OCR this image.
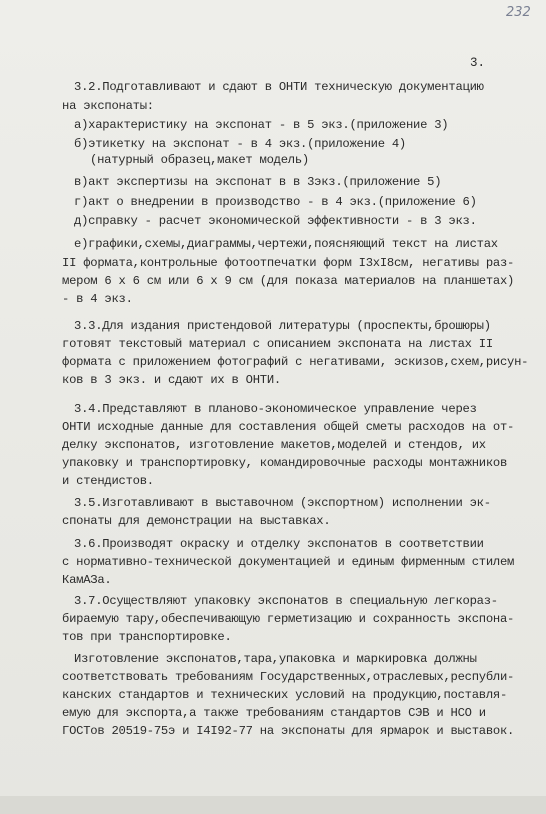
232
3.
3.2.Подготавливают и сдают в ОНТИ техническую документацию
на экспонаты:
а)характеристику на экспонат - в 5 экз.(приложение 3)
б)этикетку на экспонат - в 4 экз.(приложение 4)
(натурный образец,макет модель)
в)акт экспертизы на экспонат в в 3экз.(приложение 5)
г)акт о внедрении в производство - в 4 экз.(приложение 6)
д)справку - расчет экономической эффективности - в 3 экз.
е)графики,схемы,диаграммы,чертежи,поясняющий текст на листах
II формата,контрольные фотоотпечатки форм I3xI8см, негативы раз-
мером 6 х 6 см или 6 х 9 см (для показа материалов на планшетах)
- в 4 экз.
3.3.Для издания пристендовой литературы (проспекты,брошюры)
готовят текстовый материал с описанием экспоната на листах II
формата с приложением фотографий с негативами, эскизов,схем,рисун-
ков в 3 экз. и сдают их в ОНТИ.
3.4.Представляют в планово-экономическое управление через
ОНТИ исходные данные для составления общей сметы расходов на от-
делку экспонатов, изготовление макетов,моделей и стендов, их
упаковку и транспортировку, командировочные расходы монтажников
и стендистов.
3.5.Изготавливают в выставочном (экспортном) исполнении эк-
спонаты для демонстрации на выставках.
3.6.Производят окраску и отделку экспонатов в соответствии
с нормативно-технической документацией и единым фирменным стилем
КамАЗа.
3.7.Осуществляют упаковку экспонатов в специальную легкораз-
бираемую тару,обеспечивающую герметизацию и сохранность экспона-
тов при транспортировке.
Изготовление экспонатов,тара,упаковка и маркировка должны
соответствовать требованиям Государственных,отраслевых,республи-
канских стандартов и технических условий на продукцию,поставля-
емую для экспорта,а также требованиям стандартов СЭВ и НСО и
ГОСТов 20519-75э и I4I92-77 на экспонаты для ярмарок и выставок.
